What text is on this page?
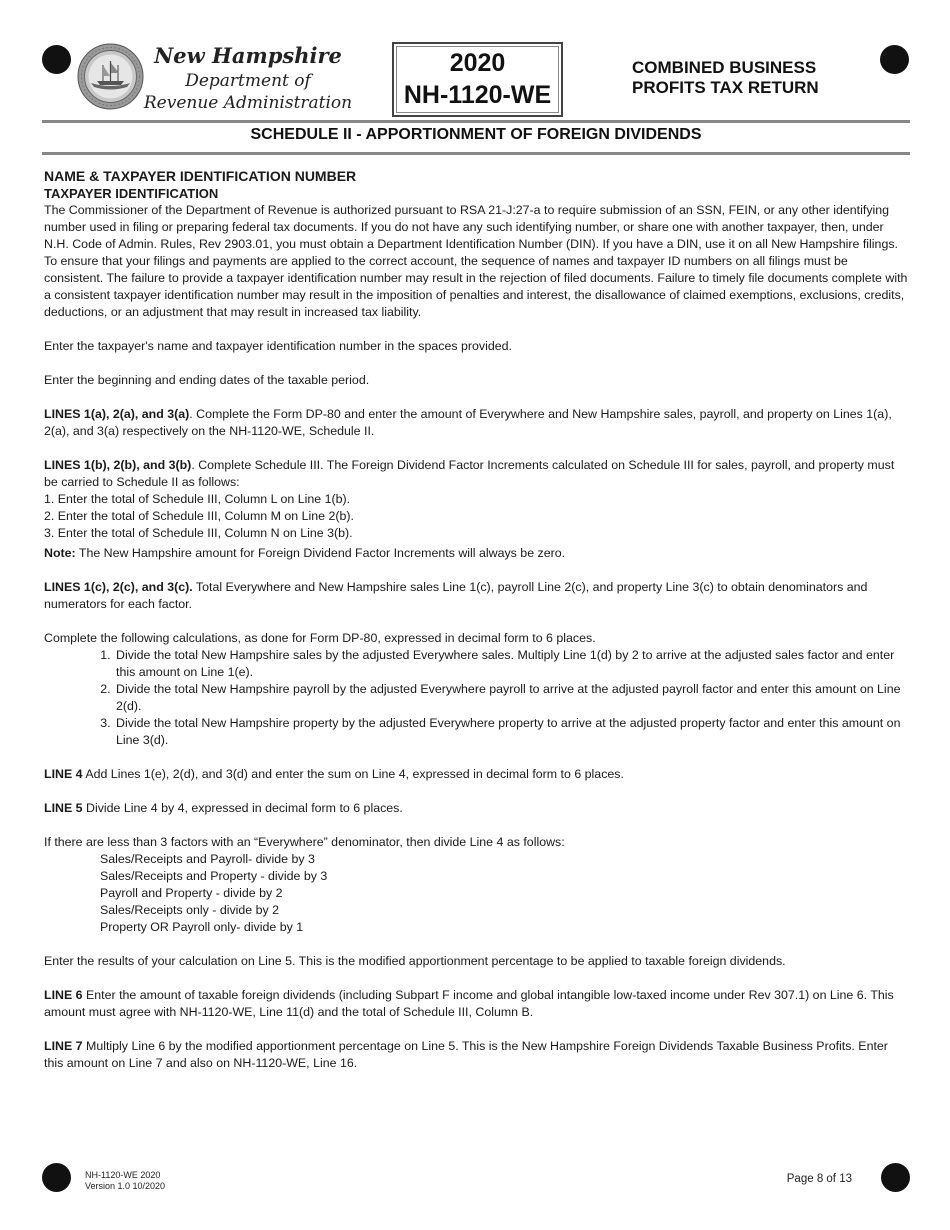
New Hampshire
Department of
Revenue Administration
2020
NH-1120-WE
COMBINED BUSINESS
PROFITS TAX RETURN
SCHEDULE II - APPORTIONMENT OF FOREIGN DIVIDENDS

NAME & TAXPAYER IDENTIFICATION NUMBER

TAXPAYER IDENTIFICATION

The Commissioner of the Department of Revenue is authorized pursuant to RSA 21-J:27-a to require submission of an SSN, FEIN, or any other identifying number used in filing or preparing federal tax documents. If you do not have any such identifying number, or share one with another taxpayer, then, under N.H. Code of Admin. Rules, Rev 2903.01, you must obtain a Department Identification Number (DIN). If you have a DIN, use it on all New Hampshire filings. To ensure that your filings and payments are applied to the correct account, the sequence of names and taxpayer ID numbers on all filings must be consistent. The failure to provide a taxpayer identification number may result in the rejection of filed documents. Failure to timely file documents complete with a consistent taxpayer identification number may result in the imposition of penalties and interest, the disallowance of claimed exemptions, exclusions, credits, deductions, or an adjustment that may result in increased tax liability.

Enter the taxpayer's name and taxpayer identification number in the spaces provided.

Enter the beginning and ending dates of the taxable period.

LINES 1(a), 2(a), and 3(a). Complete the Form DP-80 and enter the amount of Everywhere and New Hampshire sales, payroll, and property on Lines 1(a), 2(a), and 3(a) respectively on the NH-1120-WE, Schedule II.

LINES 1(b), 2(b), and 3(b). Complete Schedule III. The Foreign Dividend Factor Increments calculated on Schedule III for sales, payroll, and property must be carried to Schedule II as follows:

1. Enter the total of Schedule III, Column L on Line 1(b).

2. Enter the total of Schedule III, Column M on Line 2(b).

3. Enter the total of Schedule III, Column N on Line 3(b).

Note: The New Hampshire amount for Foreign Dividend Factor Increments will always be zero.

LINES 1(c), 2(c), and 3(c). Total Everywhere and New Hampshire sales Line 1(c), payroll Line 2(c), and property Line 3(c) to obtain denominators and numerators for each factor.

Complete the following calculations, as done for Form DP-80, expressed in decimal form to 6 places.

1. Divide the total New Hampshire sales by the adjusted Everywhere sales. Multiply Line 1(d) by 2 to arrive at the adjusted sales factor and enter this amount on Line 1(e).
2. Divide the total New Hampshire payroll by the adjusted Everywhere payroll to arrive at the adjusted payroll factor and enter this amount on Line 2(d).
3. Divide the total New Hampshire property by the adjusted Everywhere property to arrive at the adjusted property factor and enter this amount on Line 3(d).

LINE 4 Add Lines 1(e), 2(d), and 3(d) and enter the sum on Line 4, expressed in decimal form to 6 places.

LINE 5 Divide Line 4 by 4, expressed in decimal form to 6 places.

If there are less than 3 factors with an “Everywhere” denominator, then divide Line 4 as follows:

Sales/Receipts and Payroll- divide by 3

Sales/Receipts and Property - divide by 3

Payroll and Property - divide by 2

Sales/Receipts only - divide by 2

Property OR Payroll only- divide by 1

Enter the results of your calculation on Line 5. This is the modified apportionment percentage to be applied to taxable foreign dividends.

LINE 6 Enter the amount of taxable foreign dividends (including Subpart F income and global intangible low-taxed income under Rev 307.1) on Line 6. This amount must agree with NH-1120-WE, Line 11(d) and the total of Schedule III, Column B.

LINE 7 Multiply Line 6 by the modified apportionment percentage on Line 5. This is the New Hampshire Foreign Dividends Taxable Business Profits. Enter this amount on Line 7 and also on NH-1120-WE, Line 16.

NH-1120-WE 2020
Version 1.0 10/2020
Page 8 of 13
